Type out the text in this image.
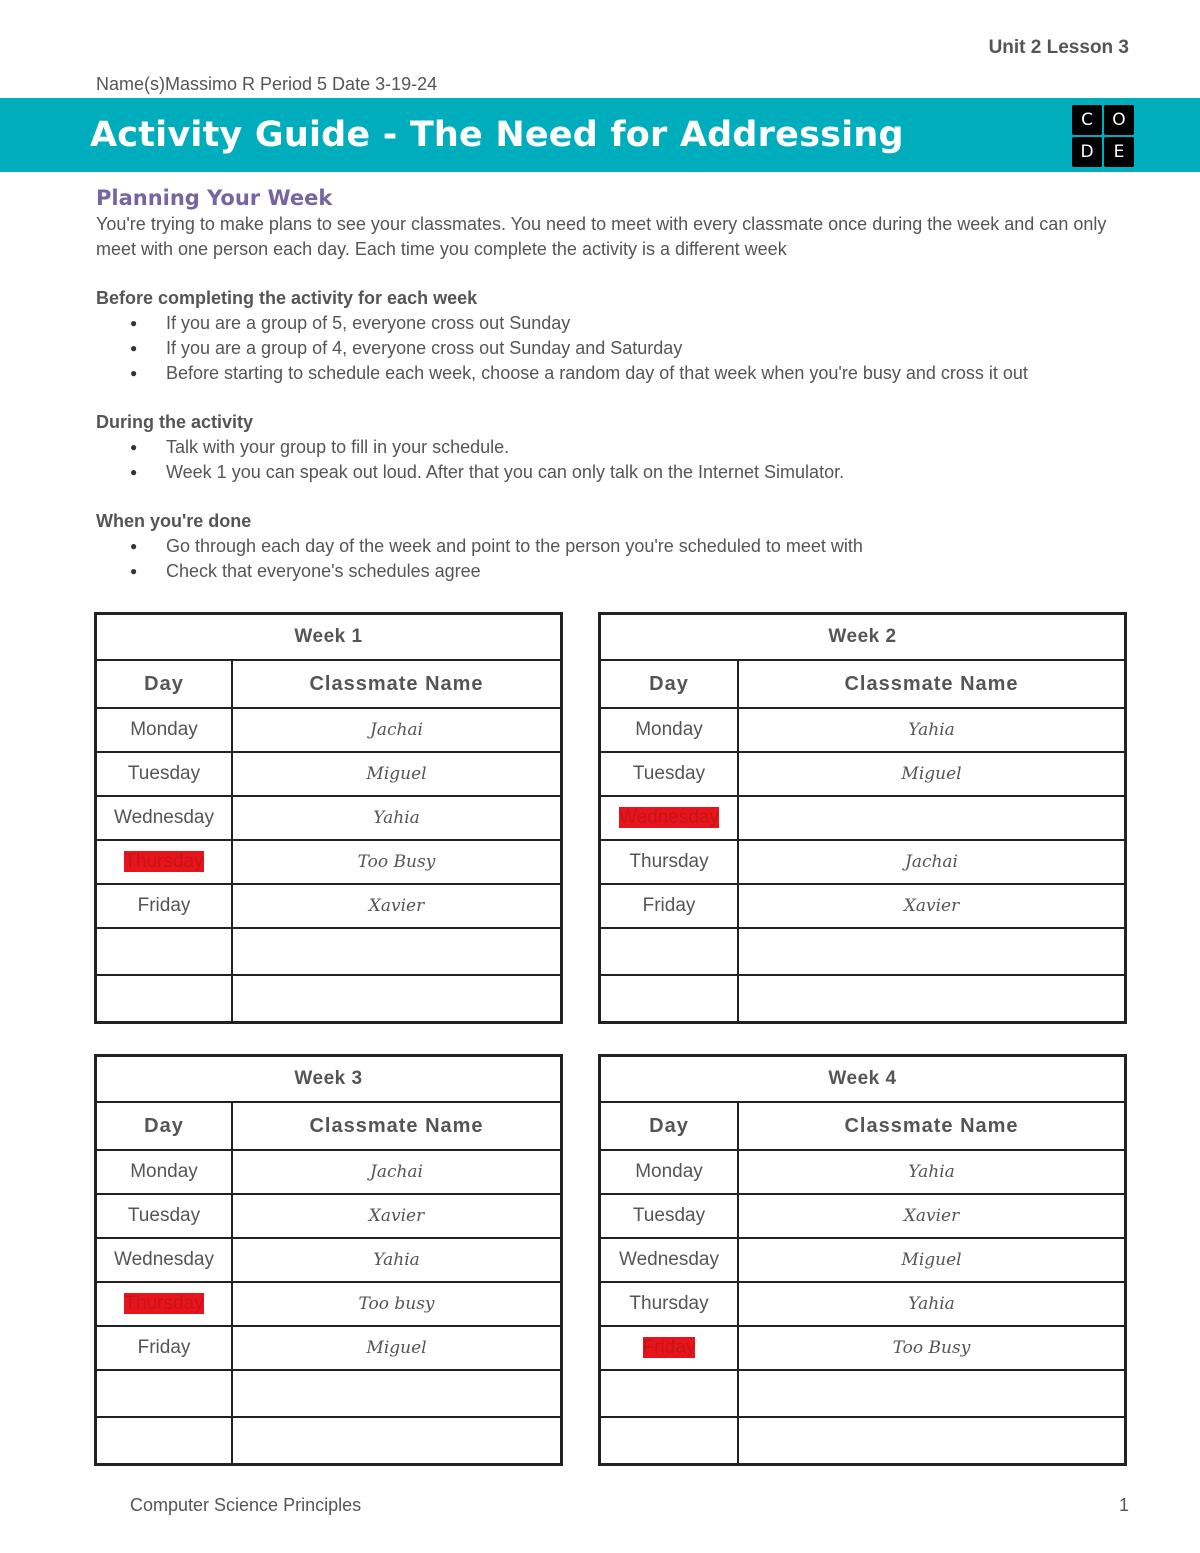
Unit 2 Lesson 3
Name(s)Massimo R Period 5 Date 3-19-24
Activity Guide - The Need for Addressing	C	O
D	E
Planning Your Week

You're trying to make plans to see your classmates. You need to meet with every classmate once during the week and can only meet with one person each day. Each time you complete the activity is a different week

Before completing the activity for each week
● If you are a group of 5, everyone cross out Sunday
● If you are a group of 4, everyone cross out Sunday and Saturday
● Before starting to schedule each week, choose a random day of that week when you're busy and cross it out
During the activity
● Talk with your group to fill in your schedule.
● Week 1 you can speak out loud. After that you can only talk on the Internet Simulator.
When you're done
● Go through each day of the week and point to the person you're scheduled to meet with
● Check that everyone's schedules agree
Week 1	
Day	Classmate Name
Monday	Jachai
Tuesday	Miguel
Wednesday	Yahia
Thursday	Too Busy
Friday	Xavier

Week 2	
Day	Classmate Name
Monday	Yahia
Tuesday	Miguel
Wednesday	
Thursday	Jachai
Friday	Xavier

Week 3	
Day	Classmate Name
Monday	Jachai
Tuesday	Xavier
Wednesday	Yahia
Thursday	Too busy
Friday	Miguel

Week 4	
Day	Classmate Name
Monday	Yahia
Tuesday	Xavier
Wednesday	Miguel
Thursday	Yahia
Friday	Too Busy

Computer Science Principles	1
